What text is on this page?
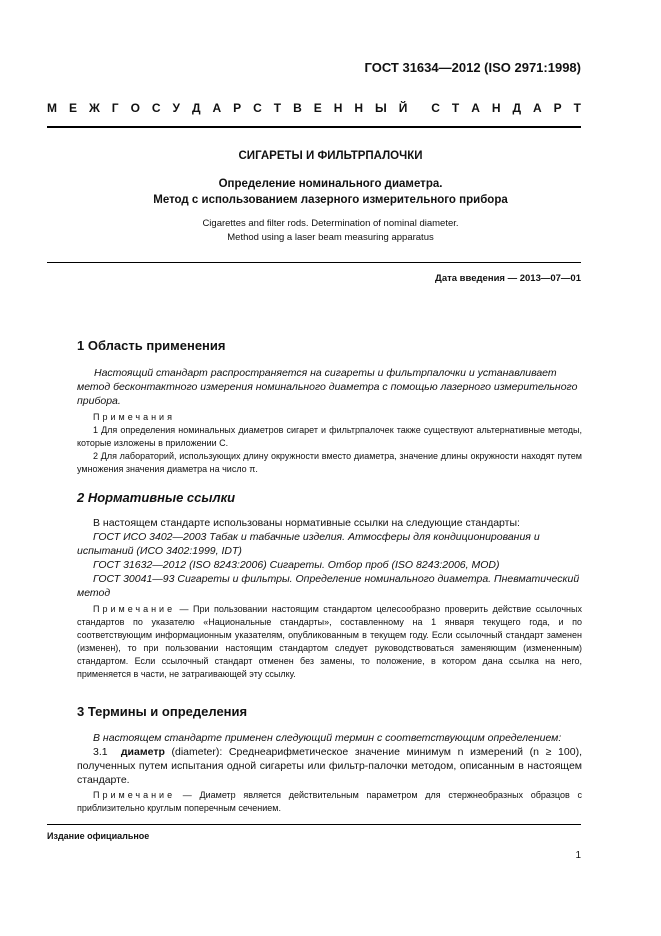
ГОСТ 31634—2012 (ISO 2971:1998)
М Е Ж Г О С У Д А Р С Т В Е Н Н Ы Й С Т А Н Д А Р Т
СИГАРЕТЫ И ФИЛЬТРПАЛОЧКИ
Определение номинального диаметра.
Метод с использованием лазерного измерительного прибора
Cigarettes and filter rods. Determination of nominal diameter.
Method using a laser beam measuring apparatus
Дата введения — 2013—07—01
1 Область применения
Настоящий стандарт распространяется на сигареты и фильтрпалочки и устанавливает метод бесконтактного измерения номинального диаметра с помощью лазерного измерительного прибора.
Примечания
1 Для определения номинальных диаметров сигарет и фильтрпалочек также существуют альтернативные методы, которые изложены в приложении С.
2 Для лабораторий, использующих длину окружности вместо диаметра, значение длины окружности находят путем умножения значения диаметра на число π.
2 Нормативные ссылки
В настоящем стандарте использованы нормативные ссылки на следующие стандарты:
ГОСТ ИСО 3402—2003 Табак и табачные изделия. Атмосферы для кондиционирования и испытаний (ИСО 3402:1999, IDT)
ГОСТ 31632—2012 (ISO 8243:2006) Сигареты. Отбор проб (ISO 8243:2006, MOD)
ГОСТ 30041—93 Сигареты и фильтры. Определение номинального диаметра. Пневматический метод
Примечание — При пользовании настоящим стандартом целесообразно проверить действие ссылочных стандартов по указателю «Национальные стандарты», составленному на 1 января текущего года, и по соответствующим информационным указателям, опубликованным в текущем году. Если ссылочный стандарт заменен (изменен), то при пользовании настоящим стандартом следует руководствоваться заменяющим (измененным) стандартом. Если ссылочный стандарт отменен без замены, то положение, в котором дана ссылка на него, применяется в части, не затрагивающей эту ссылку.
3 Термины и определения
В настоящем стандарте применен следующий термин с соответствующим определением:
3.1 диаметр (diameter): Среднеарифметическое значение минимум n измерений (n ≥ 100), полученных путем испытания одной сигареты или фильтр-палочки методом, описанным в настоящем стандарте.
Примечание — Диаметр является действительным параметром для стержнеобразных образцов с приблизительно круглым поперечным сечением.
Издание официальное
1
